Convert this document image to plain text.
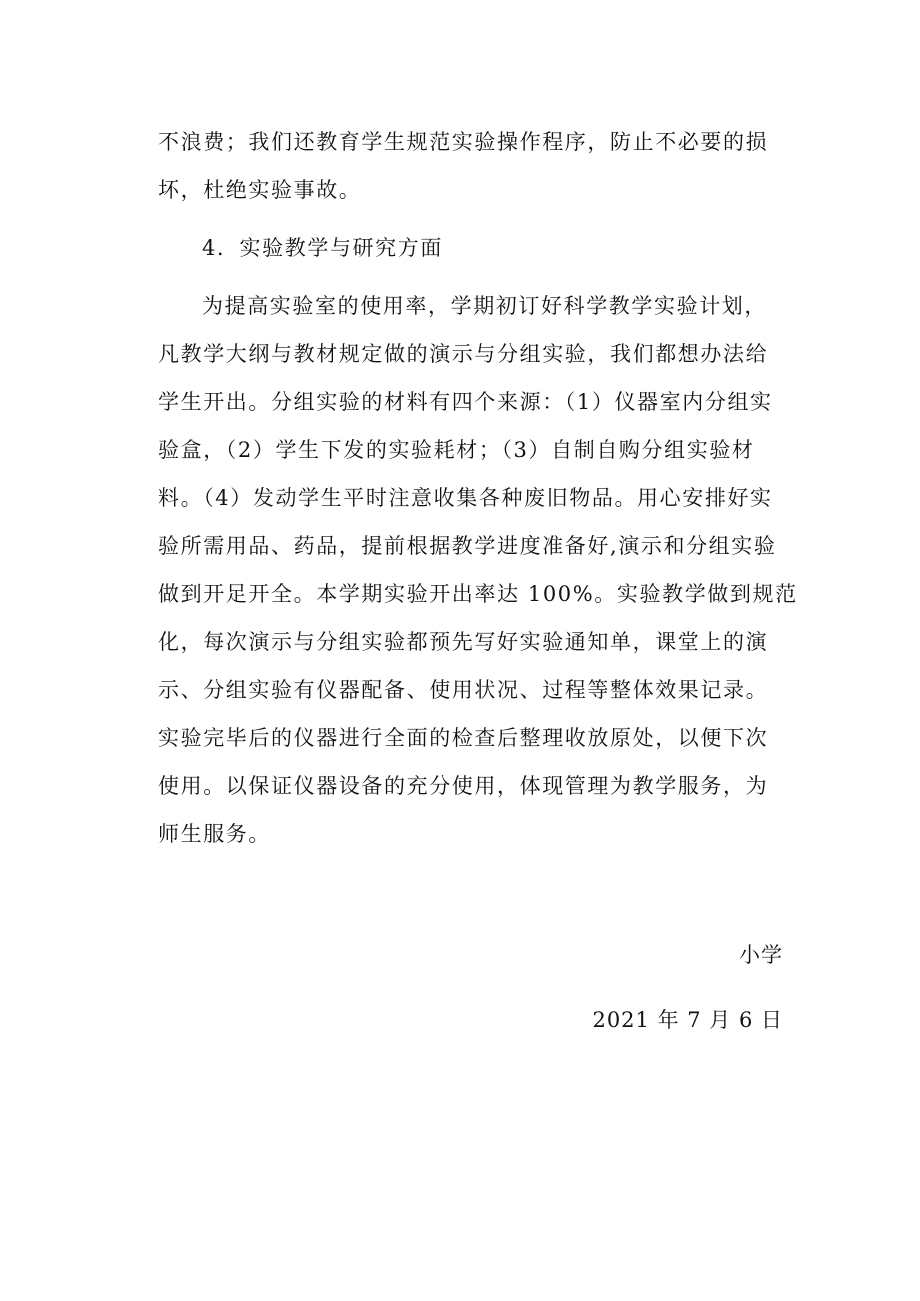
不浪费；我们还教育学生规范实验操作程序，防止不必要的损
坏，杜绝实验事故。
4．实验教学与研究方面
为提高实验室的使用率，学期初订好科学教学实验计划，
凡教学大纲与教材规定做的演示与分组实验，我们都想办法给
学生开出。分组实验的材料有四个来源：（1）仪器室内分组实
验盒，（2）学生下发的实验耗材；（3）自制自购分组实验材
料。（4）发动学生平时注意收集各种废旧物品。用心安排好实
验所需用品、药品，提前根据教学进度准备好,演示和分组实验
做到开足开全。本学期实验开出率达 100%。实验教学做到规范
化，每次演示与分组实验都预先写好实验通知单，课堂上的演
示、分组实验有仪器配备、使用状况、过程等整体效果记录。
实验完毕后的仪器进行全面的检查后整理收放原处，以便下次
使用。以保证仪器设备的充分使用，体现管理为教学服务，为
师生服务。
小学
2021 年 7 月 6 日
